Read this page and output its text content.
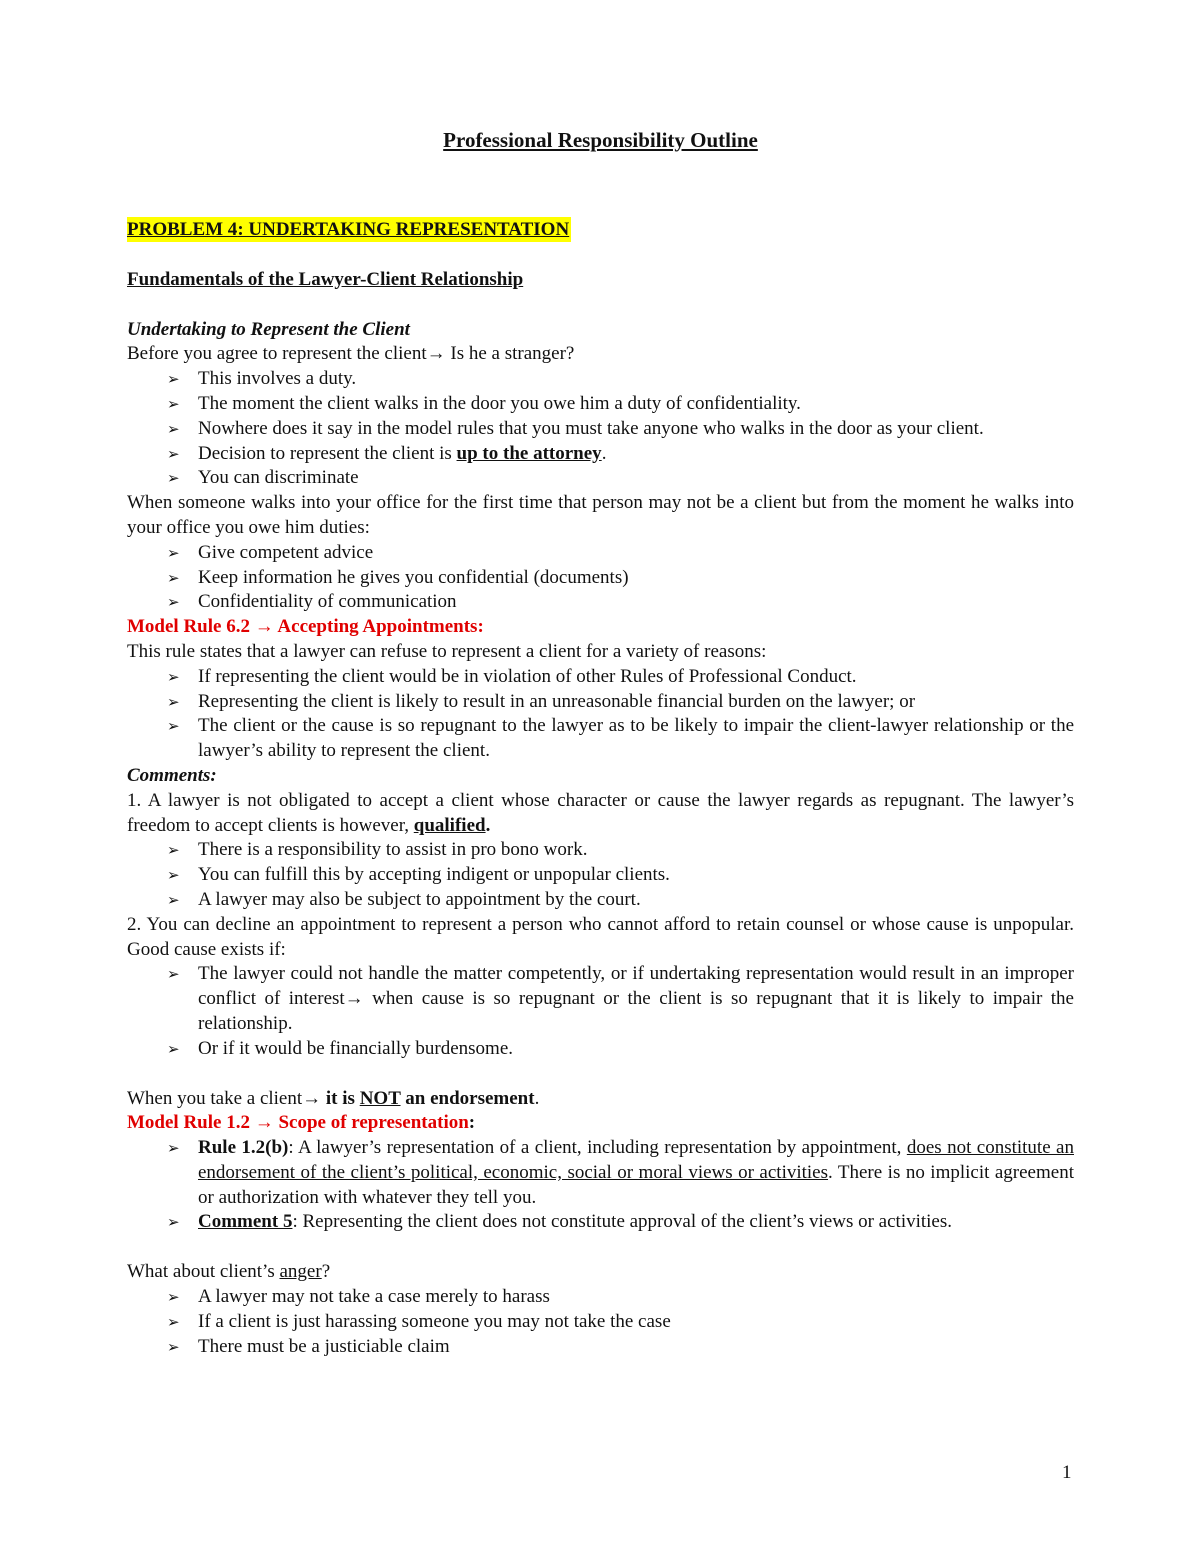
Professional Responsibility Outline
PROBLEM 4: UNDERTAKING REPRESENTATION
Fundamentals of the Lawyer-Client Relationship
Undertaking to Represent the Client
Before you agree to represent the client→ Is he a stranger?
➢ This involves a duty.
➢ The moment the client walks in the door you owe him a duty of confidentiality.
➢ Nowhere does it say in the model rules that you must take anyone who walks in the door as your client.
➢ Decision to represent the client is up to the attorney.
➢ You can discriminate
When someone walks into your office for the first time that person may not be a client but from the moment he walks into your office you owe him duties:
➢ Give competent advice
➢ Keep information he gives you confidential (documents)
➢ Confidentiality of communication
Model Rule 6.2 → Accepting Appointments:
This rule states that a lawyer can refuse to represent a client for a variety of reasons:
➢ If representing the client would be in violation of other Rules of Professional Conduct.
➢ Representing the client is likely to result in an unreasonable financial burden on the lawyer; or
➢ The client or the cause is so repugnant to the lawyer as to be likely to impair the client-lawyer relationship or the lawyer’s ability to represent the client.
Comments:
1. A lawyer is not obligated to accept a client whose character or cause the lawyer regards as repugnant. The lawyer’s freedom to accept clients is however, qualified.
➢ There is a responsibility to assist in pro bono work.
➢ You can fulfill this by accepting indigent or unpopular clients.
➢ A lawyer may also be subject to appointment by the court.
2. You can decline an appointment to represent a person who cannot afford to retain counsel or whose cause is unpopular. Good cause exists if:
➢ The lawyer could not handle the matter competently, or if undertaking representation would result in an improper conflict of interest→ when cause is so repugnant or the client is so repugnant that it is likely to impair the relationship.
➢ Or if it would be financially burdensome.
When you take a client→ it is NOT an endorsement.
Model Rule 1.2 → Scope of representation:
➢ Rule 1.2(b): A lawyer’s representation of a client, including representation by appointment, does not constitute an endorsement of the client’s political, economic, social or moral views or activities. There is no implicit agreement or authorization with whatever they tell you.
➢ Comment 5: Representing the client does not constitute approval of the client’s views or activities.
What about client’s anger?
➢ A lawyer may not take a case merely to harass
➢ If a client is just harassing someone you may not take the case
➢ There must be a justiciable claim
1
